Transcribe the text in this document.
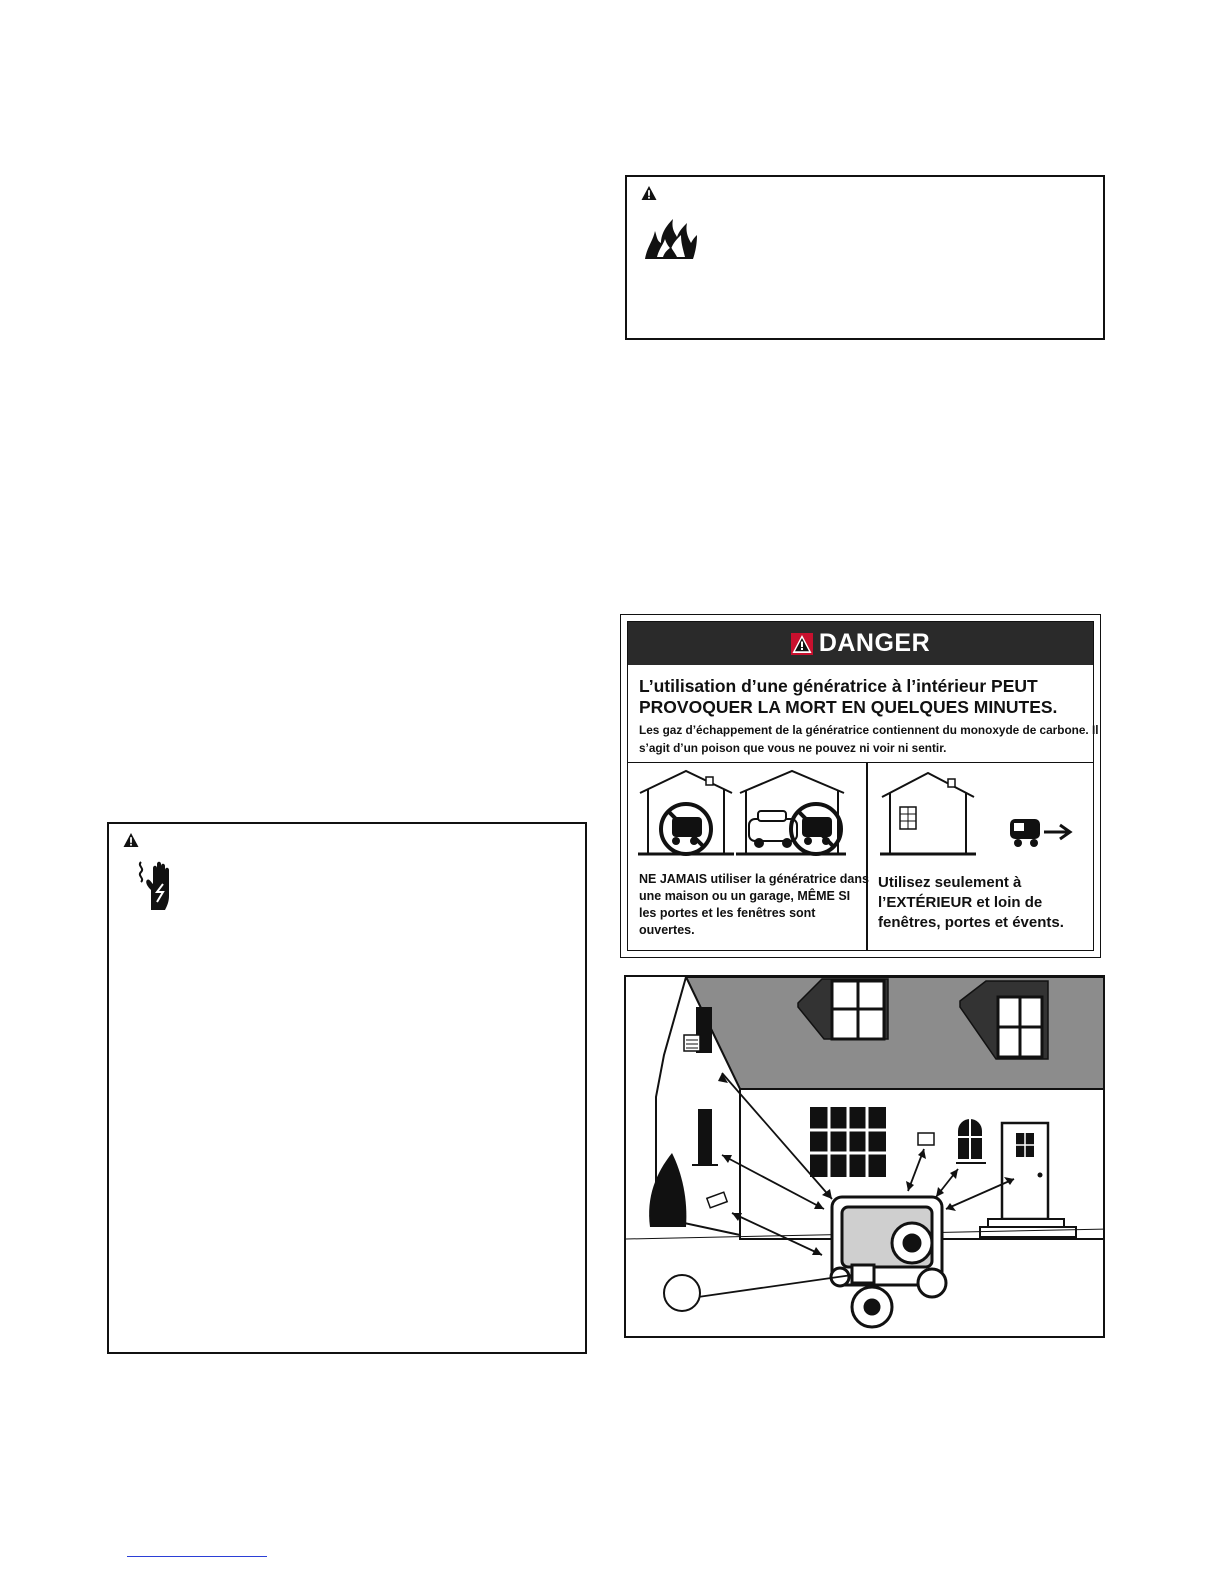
DANGER
L’utilisation d’une génératrice à l’intérieur PEUT PROVOQUER LA MORT EN QUELQUES MINUTES.
Les gaz d’échappement de la génératrice contiennent du monoxyde de carbone. Il s’agit d’un poison que vous ne pouvez ni voir ni sentir.
NE JAMAIS utiliser la génératrice dans une maison ou un garage, MÊME SI les portes et les fenêtres sont ouvertes.
Utilisez seulement à l’EXTÉRIEUR et loin de fenêtres, portes et évents.
